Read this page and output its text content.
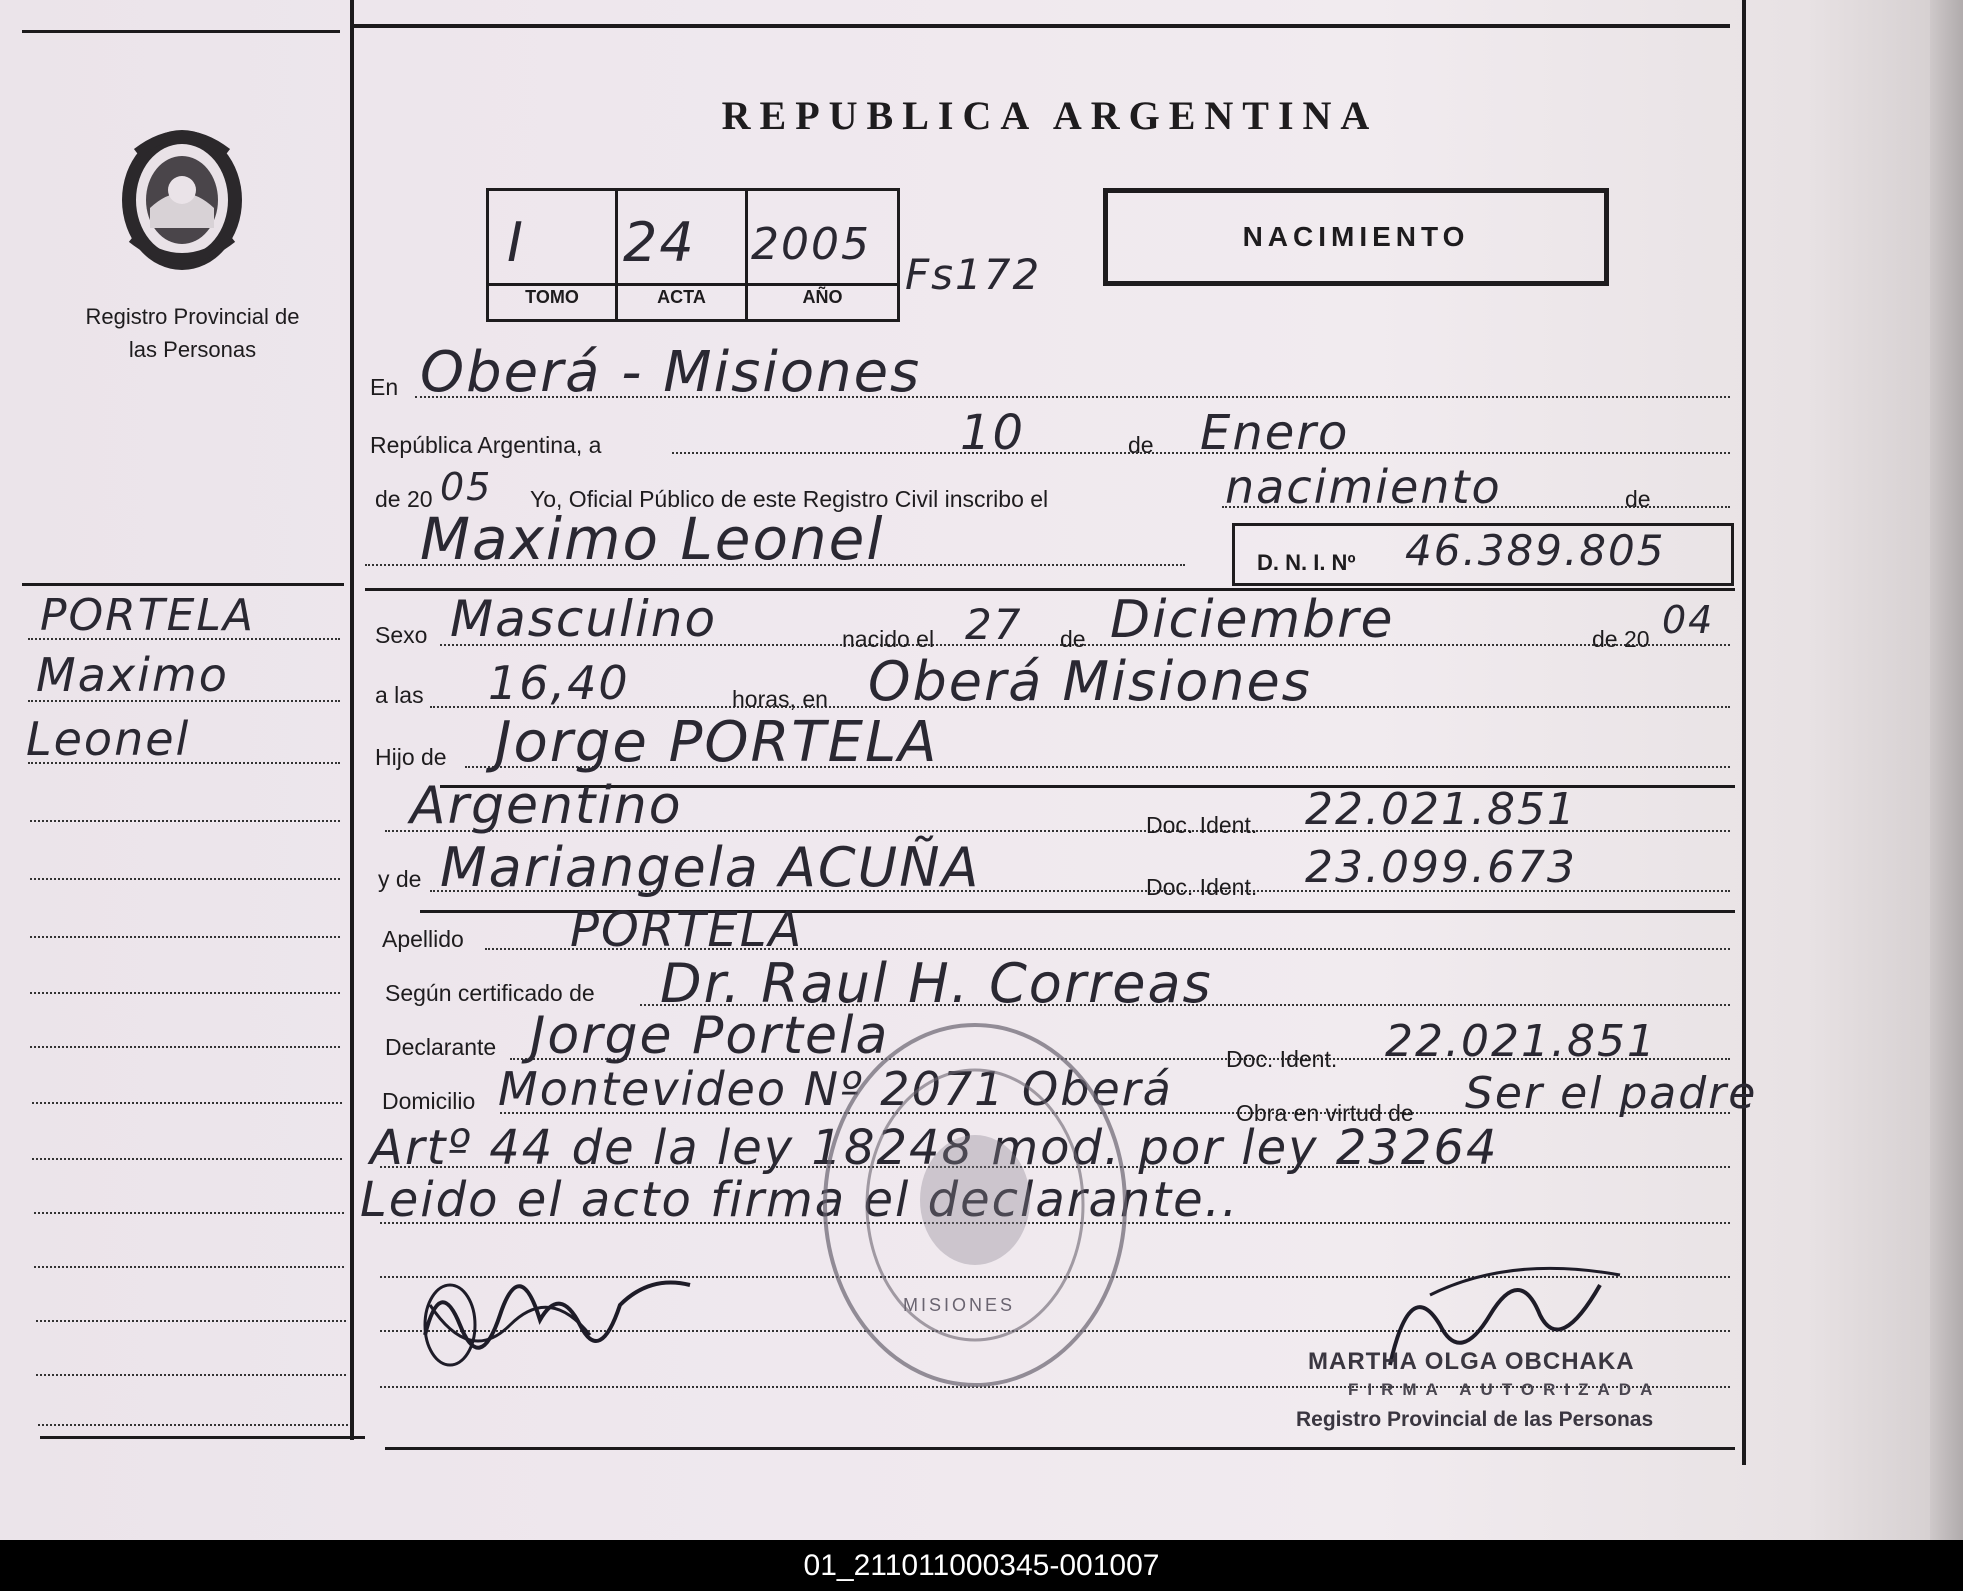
Registro Provincial de las Personas
REPUBLICA ARGENTINA
I 24 2005
TOMO	ACTA	AÑO	Fs172
NACIMIENTO
PORTELA
Maximo
Leonel
En Oberá - Misiones
República Argentina, a	10	de Enero
de 20 05 Yo, Oficial Público de este Registro Civil inscribo el	nacimiento	de
Maximo Leonel	D. N. I. Nº 46.389.805
Sexo Masculino	nacido el 27 de Diciembre	de 20 04
a las 16,40	horas, en Oberá Misiones
Hijo de Jorge PORTELA
Argentino	Doc. Ident. 22.021.851
y de Mariangela ACUÑA	Doc. Ident. 23.099.673
Apellido PORTELA
Según certificado de Dr. Raul H. Correas
Declarante Jorge Portela	Doc. Ident. 22.021.851
Domicilio Montevideo Nº 2071 Oberá	Obra en virtud de Ser el padre
Artº 44 de la ley 18248 mod. por ley 23264
Leido el acto firma el declarante..
MISIONES
MARTHA OLGA OBCHAKA
FIRMA AUTORIZADA
Registro Provincial de las Personas
01_211011000345-001007
